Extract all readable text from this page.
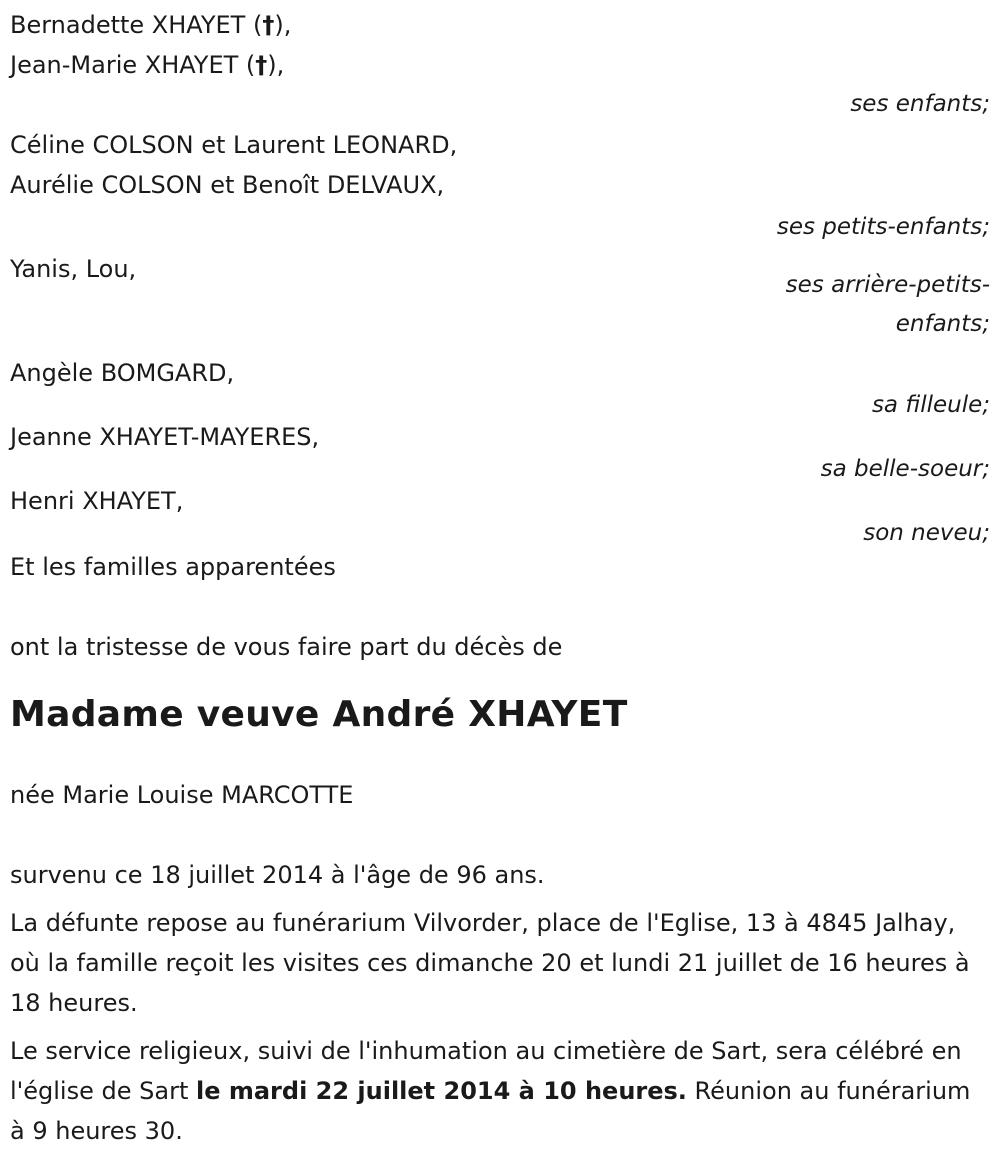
Bernadette XHAYET (†),
Jean-Marie XHAYET (†),
ses enfants;
Céline COLSON et Laurent LEONARD,
Aurélie COLSON et Benoît DELVAUX,
ses petits-enfants;
Yanis, Lou,
ses arrière-petits-
enfants;
Angèle BOMGARD,
sa filleule;
Jeanne XHAYET-MAYERES,
sa belle-soeur;
Henri XHAYET,
son neveu;
Et les familles apparentées
ont la tristesse de vous faire part du décès de
Madame veuve André XHAYET
née Marie Louise MARCOTTE
survenu ce 18 juillet 2014 à l'âge de 96 ans.
La défunte repose au funérarium Vilvorder, place de l'Eglise, 13 à 4845 Jalhay, où la famille reçoit les visites ces dimanche 20 et lundi 21 juillet de 16 heures à 18 heures.
Le service religieux, suivi de l'inhumation au cimetière de Sart, sera célébré en l'église de Sart le mardi 22 juillet 2014 à 10 heures. Réunion au funérarium à 9 heures 30.
